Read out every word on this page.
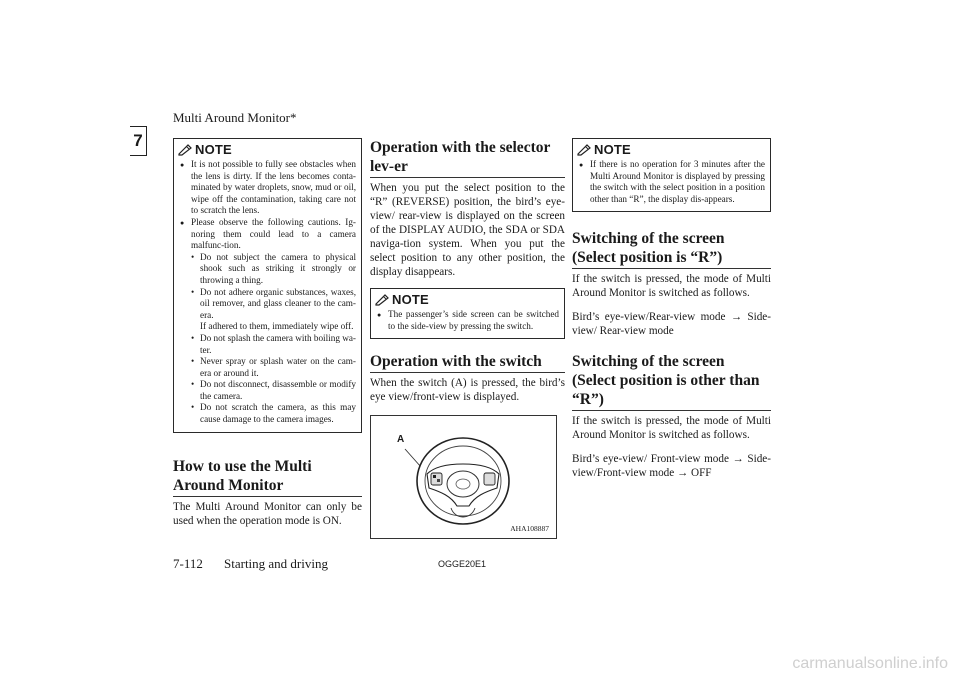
Multi Around Monitor*
7	NOTE
● It is not possible to fully see obstacles when the lens is dirty. If the lens becomes conta-minated by water droplets, snow, mud or oil, wipe off the contamination, taking care not to scratch the lens.
● Please observe the following cautions. Ig-noring them could lead to a camera malfunc-tion.
• Do not subject the camera to physical shook such as striking it strongly or throwing a thing.
• Do not adhere organic substances, waxes, oil remover, and glass cleaner to the cam-era.
If adhered to them, immediately wipe off.
• Do not splash the camera with boiling wa-ter.
• Never spray or splash water on the cam-era or around it.
• Do not disconnect, disassemble or modify the camera.
• Do not scratch the camera, as this may cause damage to the camera images.
How to use the Multi Around Monitor
The Multi Around Monitor can only be used when the operation mode is ON.
Operation with the selector lev-er
When you put the select position to the “R” (REVERSE) position, the bird’s eye-view/ rear-view is displayed on the screen of the DISPLAY AUDIO, the SDA or SDA naviga-tion system. When you put the select position to any other position, the display disappears.
NOTE
● The passenger’s side screen can be switched to the side-view by pressing the switch.
Operation with the switch
When the switch (A) is pressed, the bird’s eye view/front-view is displayed.
A
AHA108887
NOTE
● If there is no operation for 3 minutes after the Multi Around Monitor is displayed by pressing the switch with the select position in a position other than “R”, the display dis-appears.
Switching of the screen (Select position is “R”)
If the switch is pressed, the mode of Multi Around Monitor is switched as follows.
Bird’s eye-view/Rear-view mode → Side-view/ Rear-view mode
Switching of the screen (Select position is other than “R”)
If the switch is pressed, the mode of Multi Around Monitor is switched as follows.
Bird’s eye-view/ Front-view mode → Side-view/Front-view mode → OFF
7-112 Starting and driving	OGGE20E1
carmanualsonline.info
